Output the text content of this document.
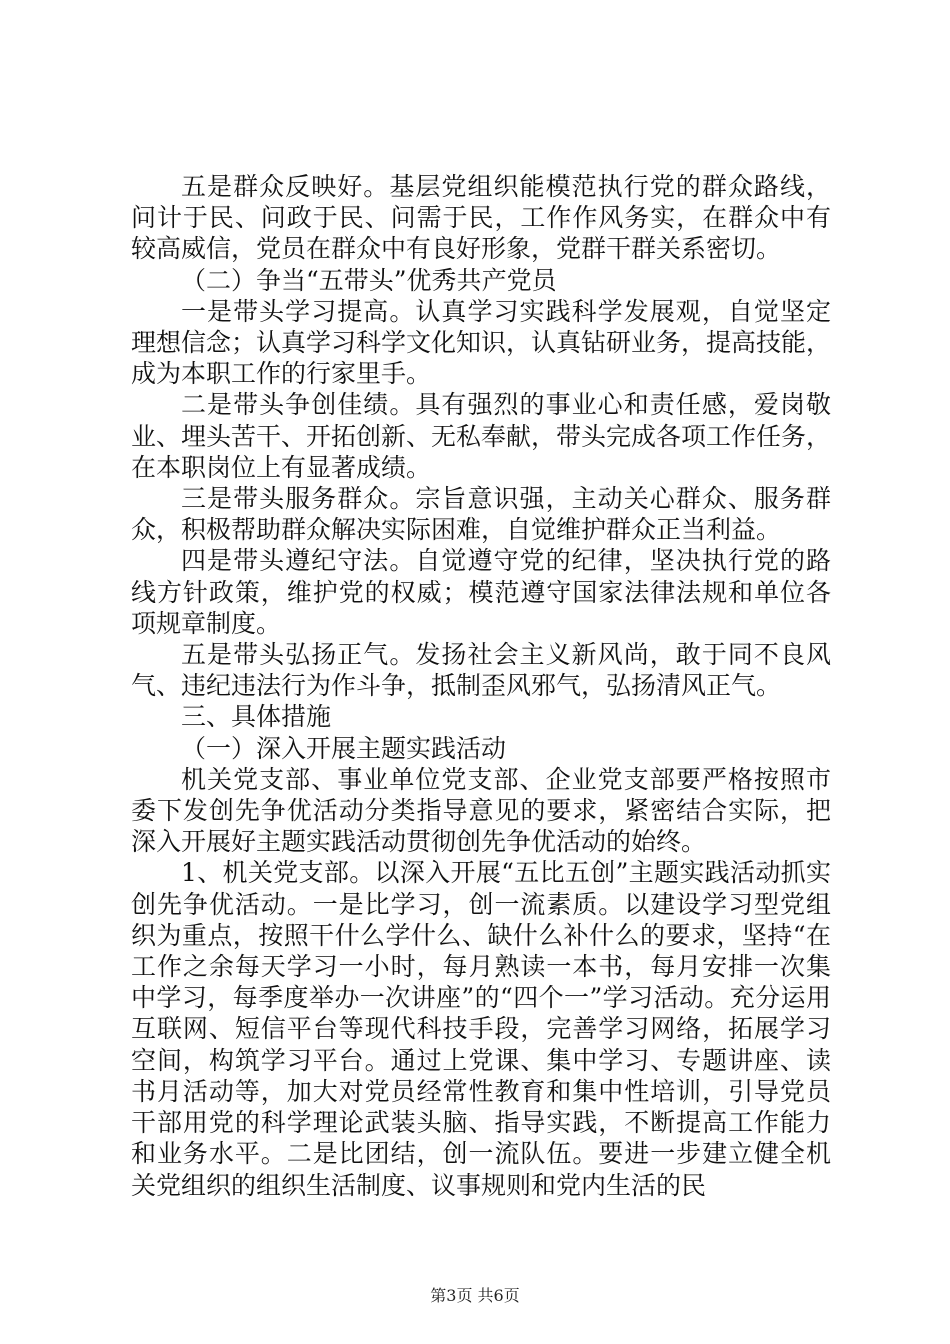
五是群众反映好。基层党组织能模范执行党的群众路线，问计于民、问政于民、问需于民，工作作风务实，在群众中有较高威信，党员在群众中有良好形象，党群干群关系密切。

（二）争当“五带头”优秀共产党员

一是带头学习提高。认真学习实践科学发展观，自觉坚定理想信念；认真学习科学文化知识，认真钻研业务，提高技能，成为本职工作的行家里手。

二是带头争创佳绩。具有强烈的事业心和责任感，爱岗敬业、埋头苦干、开拓创新、无私奉献，带头完成各项工作任务，在本职岗位上有显著成绩。

三是带头服务群众。宗旨意识强，主动关心群众、服务群众，积极帮助群众解决实际困难，自觉维护群众正当利益。

四是带头遵纪守法。自觉遵守党的纪律，坚决执行党的路线方针政策，维护党的权威；模范遵守国家法律法规和单位各项规章制度。

五是带头弘扬正气。发扬社会主义新风尚，敢于同不良风气、违纪违法行为作斗争，抵制歪风邪气，弘扬清风正气。

三、具体措施

（一）深入开展主题实践活动

机关党支部、事业单位党支部、企业党支部要严格按照市委下发创先争优活动分类指导意见的要求，紧密结合实际，把深入开展好主题实践活动贯彻创先争优活动的始终。

1、机关党支部。以深入开展“五比五创”主题实践活动抓实创先争优活动。一是比学习，创一流素质。以建设学习型党组织为重点，按照干什么学什么、缺什么补什么的要求，坚持“在工作之余每天学习一小时，每月熟读一本书，每月安排一次集中学习，每季度举办一次讲座”的“四个一”学习活动。充分运用互联网、短信平台等现代科技手段，完善学习网络，拓展学习空间，构筑学习平台。通过上党课、集中学习、专题讲座、读书月活动等，加大对党员经常性教育和集中性培训，引导党员干部用党的科学理论武装头脑、指导实践，不断提高工作能力和业务水平。二是比团结，创一流队伍。要进一步建立健全机关党组织的组织生活制度、议事规则和党内生活的民

第3页 共6页
